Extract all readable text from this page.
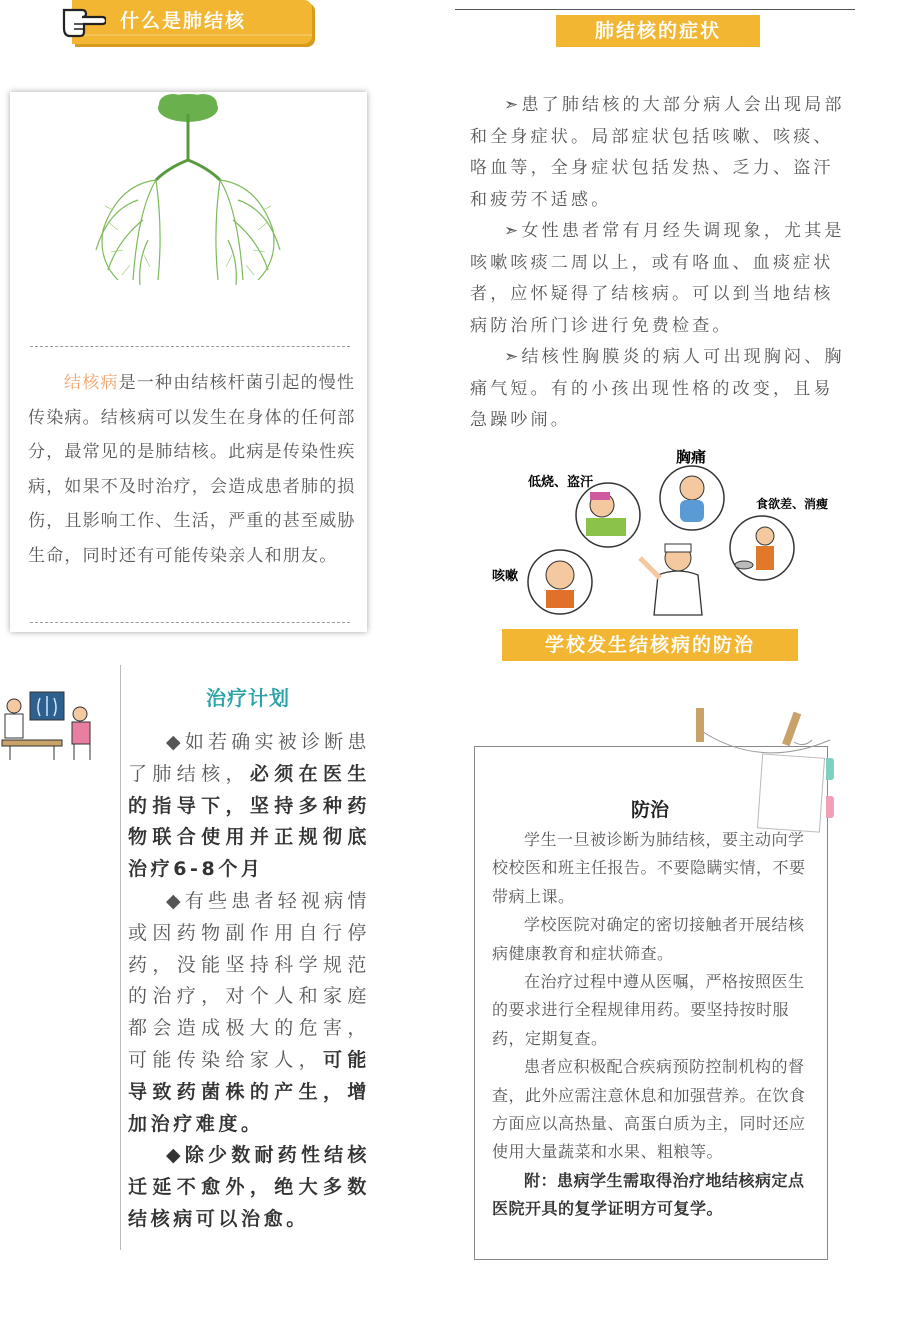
什么是肺结核
结核病是一种由结核杆菌引起的慢性传染病。结核病可以发生在身体的任何部分，最常见的是肺结核。此病是传染性疾病，如果不及时治疗，会造成患者肺的损伤，且影响工作、生活，严重的甚至威胁生命，同时还有可能传染亲人和朋友。
肺结核的症状

➣患了肺结核的大部分病人会出现局部和全身症状。局部症状包括咳嗽、咳痰、咯血等，全身症状包括发热、乏力、盗汗和疲劳不适感。

➣女性患者常有月经失调现象，尤其是咳嗽咳痰二周以上，或有咯血、血痰症状者，应怀疑得了结核病。可以到当地结核病防治所门诊进行免费检查。

➣结核性胸膜炎的病人可出现胸闷、胸痛气短。有的小孩出现性格的改变，且易急躁吵闹。

低烧、盗汗
胸痛
食欲差、消瘦
咳嗽
学校发生结核病的防治
治疗计划

◆如若确实被诊断患了肺结核，必须在医生的指导下，坚持多种药物联合使用并正规彻底治疗6-8个月

◆有些患者轻视病情或因药物副作用自行停药，没能坚持科学规范的治疗，对个人和家庭都会造成极大的危害，可能传染给家人，可能导致药菌株的产生，增加治疗难度。

◆除少数耐药性结核迁延不愈外，绝大多数结核病可以治愈。

防治

学生一旦被诊断为肺结核，要主动向学校校医和班主任报告。不要隐瞒实情，不要带病上课。

学校医院对确定的密切接触者开展结核病健康教育和症状筛查。

在治疗过程中遵从医嘱，严格按照医生的要求进行全程规律用药。要坚持按时服药，定期复查。

患者应积极配合疾病预防控制机构的督查，此外应需注意休息和加强营养。在饮食方面应以高热量、高蛋白质为主，同时还应使用大量蔬菜和水果、粗粮等。

附：患病学生需取得治疗地结核病定点医院开具的复学证明方可复学。
